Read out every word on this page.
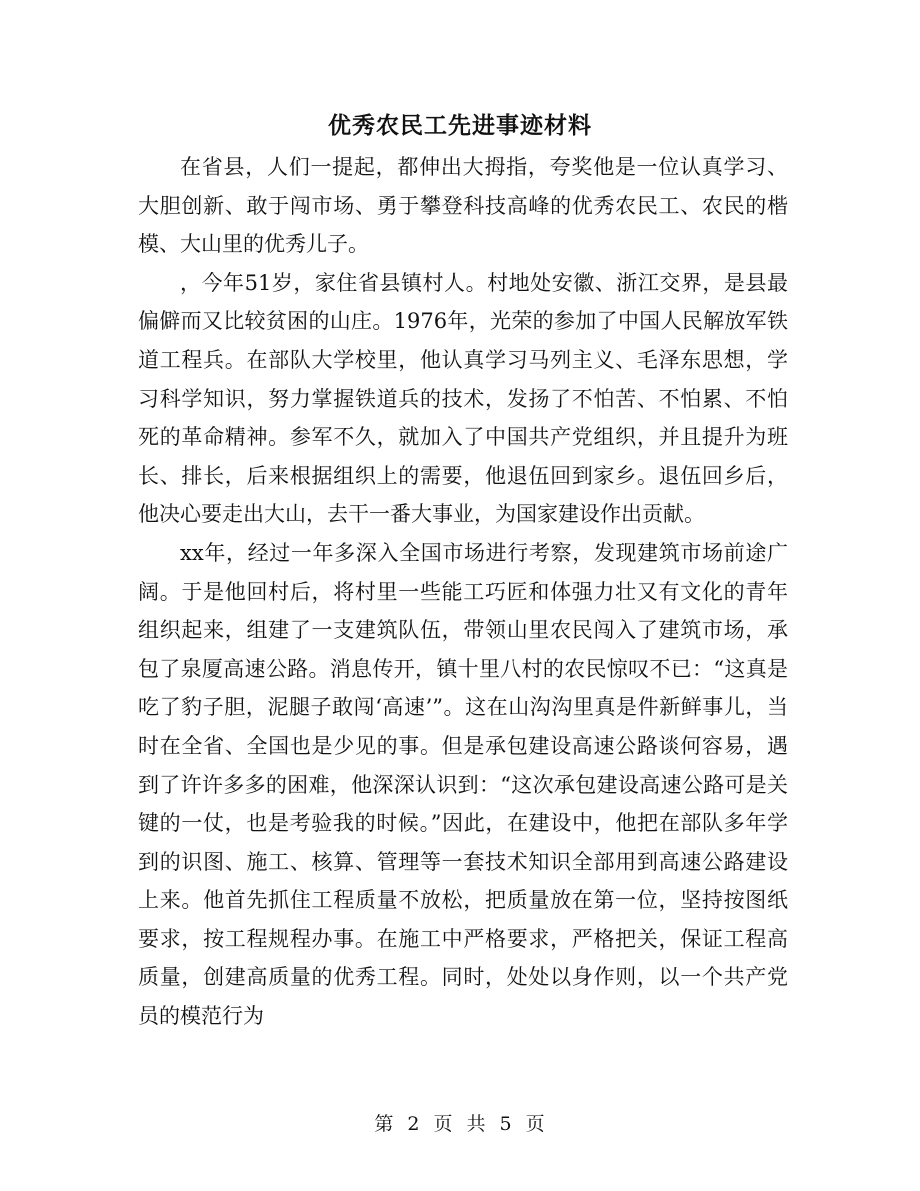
优秀农民工先进事迹材料

在省县，人们一提起，都伸出大拇指，夸奖他是一位认真学习、大胆创新、敢于闯市场、勇于攀登科技高峰的优秀农民工、农民的楷模、大山里的优秀儿子。

，今年51岁，家住省县镇村人。村地处安徽、浙江交界，是县最偏僻而又比较贫困的山庄。1976年，光荣的参加了中国人民解放军铁道工程兵。在部队大学校里，他认真学习马列主义、毛泽东思想，学习科学知识，努力掌握铁道兵的技术，发扬了不怕苦、不怕累、不怕死的革命精神。参军不久，就加入了中国共产党组织，并且提升为班长、排长，后来根据组织上的需要，他退伍回到家乡。退伍回乡后，他决心要走出大山，去干一番大事业，为国家建设作出贡献。

xx年，经过一年多深入全国市场进行考察，发现建筑市场前途广阔。于是他回村后，将村里一些能工巧匠和体强力壮又有文化的青年组织起来，组建了一支建筑队伍，带领山里农民闯入了建筑市场，承包了泉厦高速公路。消息传开，镇十里八村的农民惊叹不已：“这真是吃了豹子胆，泥腿子敢闯‘高速’”。这在山沟沟里真是件新鲜事儿，当时在全省、全国也是少见的事。但是承包建设高速公路谈何容易，遇到了许许多多的困难，他深深认识到：“这次承包建设高速公路可是关键的一仗，也是考验我的时候。”因此，在建设中，他把在部队多年学到的识图、施工、核算、管理等一套技术知识全部用到高速公路建设上来。他首先抓住工程质量不放松，把质量放在第一位，坚持按图纸要求，按工程规程办事。在施工中严格要求，严格把关，保证工程高质量，创建高质量的优秀工程。同时，处处以身作则，以一个共产党员的模范行为

第 2 页 共 5 页
